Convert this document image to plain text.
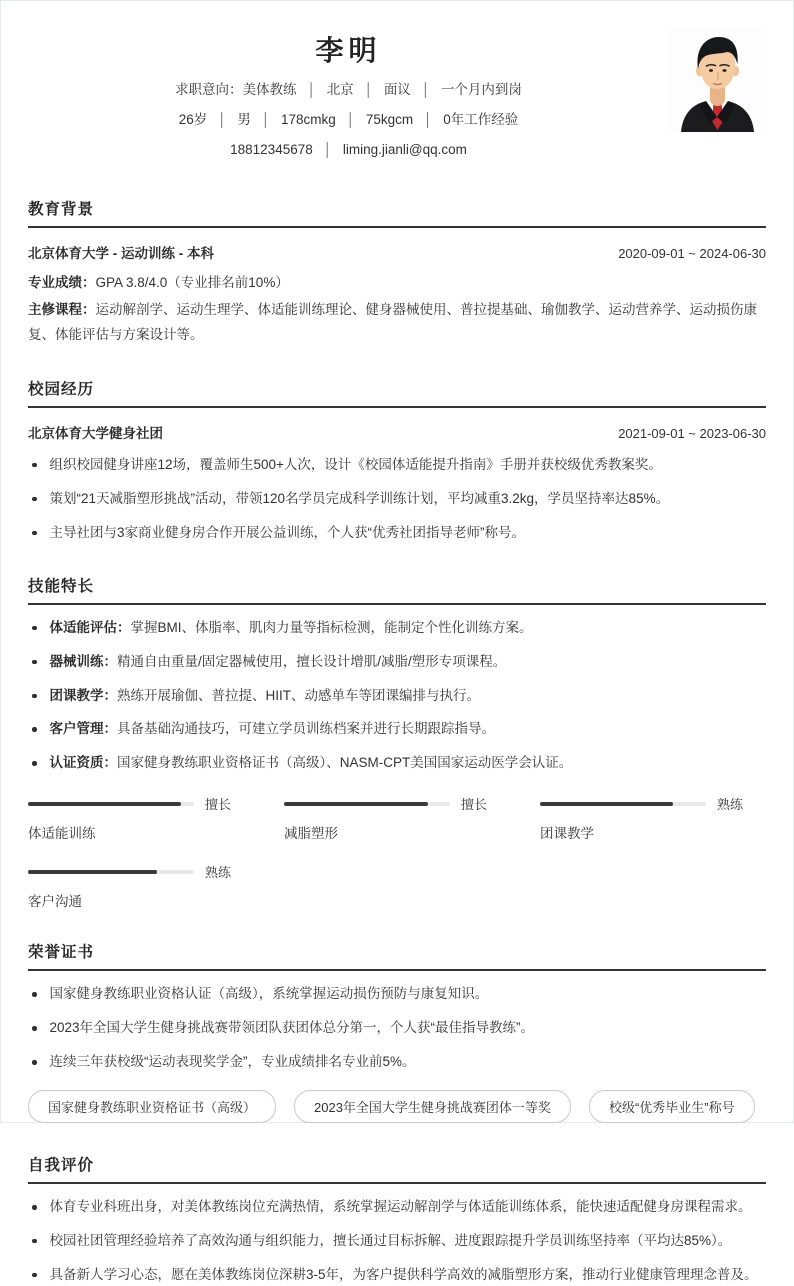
李明
求职意向：美体教练 │ 北京 │ 面议 │ 一个月内到岗
26岁 │ 男 │ 178cmkg │ 75kgcm │ 0年工作经验
18812345678 │ liming.jianli@qq.com
教育背景
北京体育大学 - 运动训练 - 本科	2020-09-01 ~ 2024-06-30
专业成绩：GPA 3.8/4.0（专业排名前10%）
主修课程：运动解剖学、运动生理学、体适能训练理论、健身器械使用、普拉提基础、瑜伽教学、运动营养学、运动损伤康复、体能评估与方案设计等。
校园经历
北京体育大学健身社团	2021-09-01 ~ 2023-06-30
组织校园健身讲座12场，覆盖师生500+人次，设计《校园体适能提升指南》手册并获校级优秀教案奖。
策划“21天减脂塑形挑战”活动，带领120名学员完成科学训练计划，平均减重3.2kg，学员坚持率达85%。
主导社团与3家商业健身房合作开展公益训练，个人获“优秀社团指导老师”称号。
技能特长
体适能评估：掌握BMI、体脂率、肌肉力量等指标检测，能制定个性化训练方案。
器械训练：精通自由重量/固定器械使用，擅长设计增肌/减脂/塑形专项课程。
团课教学：熟练开展瑜伽、普拉提、HIIT、动感单车等团课编排与执行。
客户管理：具备基础沟通技巧，可建立学员训练档案并进行长期跟踪指导。
认证资质：国家健身教练职业资格证书（高级）、NASM-CPT美国国家运动医学会认证。
擅长
体适能训练
擅长
减脂塑形
熟练
团课教学
熟练
客户沟通
荣誉证书
国家健身教练职业资格认证（高级），系统掌握运动损伤预防与康复知识。
2023年全国大学生健身挑战赛带领团队获团体总分第一，个人获“最佳指导教练”。
连续三年获校级“运动表现奖学金”，专业成绩排名专业前5%。
国家健身教练职业资格证书（高级）	2023年全国大学生健身挑战赛团体一等奖	校级“优秀毕业生”称号
自我评价
体育专业科班出身，对美体教练岗位充满热情，系统掌握运动解剖学与体适能训练体系，能快速适配健身房课程需求。
校园社团管理经验培养了高效沟通与组织能力，擅长通过目标拆解、进度跟踪提升学员训练坚持率（平均达85%）。
具备新人学习心态，愿在美体教练岗位深耕3-5年，为客户提供科学高效的减脂塑形方案，推动行业健康管理理念普及。
